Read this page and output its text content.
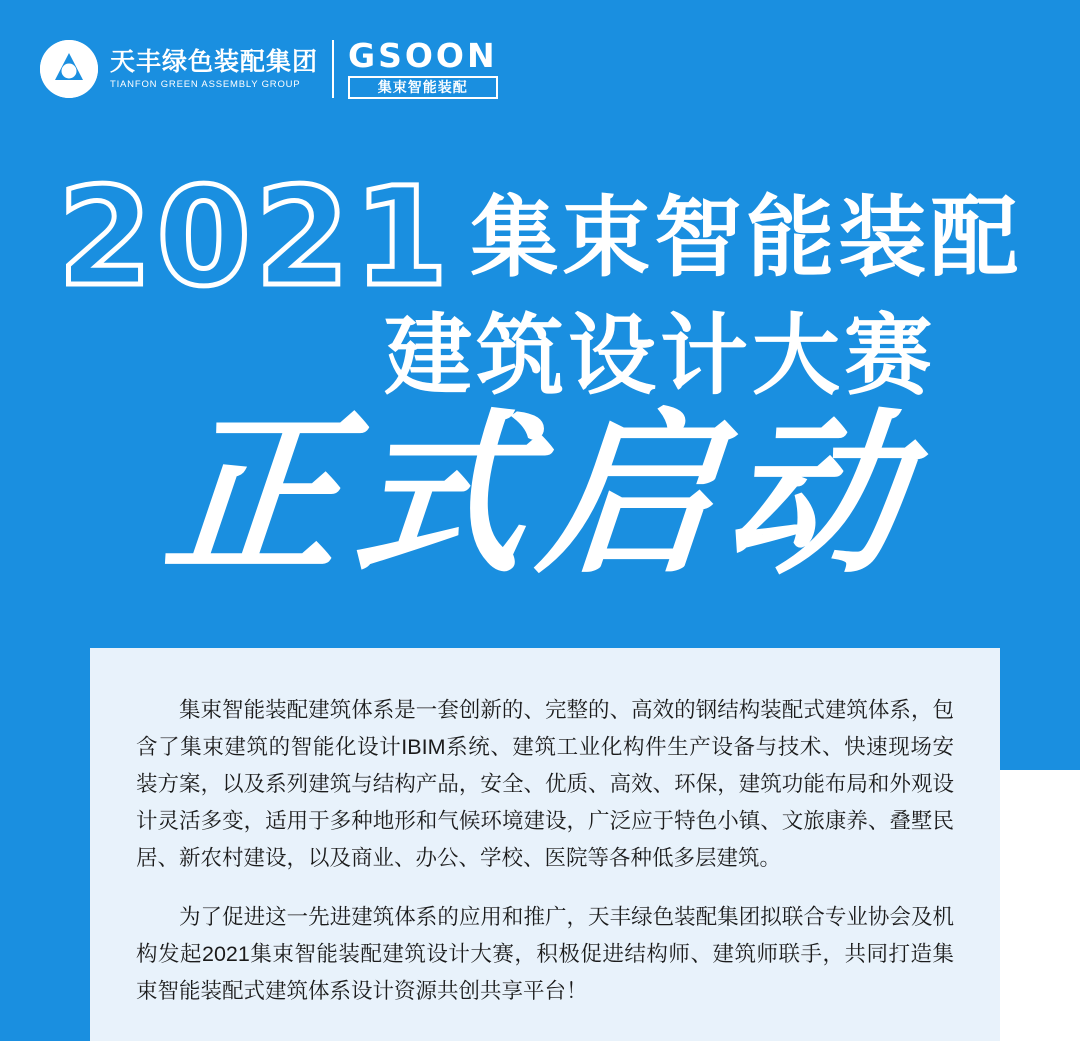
天丰绿色装配集团
TIANFON GREEN ASSEMBLY GROUP
GSOON
集束智能装配
2021 集束智能装配
建筑设计大赛
正式启动

集束智能装配建筑体系是一套创新的、完整的、高效的钢结构装配式建筑体系，包含了集束建筑的智能化设计IBIM系统、建筑工业化构件生产设备与技术、快速现场安装方案，以及系列建筑与结构产品，安全、优质、高效、环保，建筑功能布局和外观设计灵活多变，适用于多种地形和气候环境建设，广泛应于特色小镇、文旅康养、叠墅民居、新农村建设，以及商业、办公、学校、医院等各种低多层建筑。

为了促进这一先进建筑体系的应用和推广，天丰绿色装配集团拟联合专业协会及机构发起2021集束智能装配建筑设计大赛，积极促进结构师、建筑师联手，共同打造集束智能装配式建筑体系设计资源共创共享平台！
